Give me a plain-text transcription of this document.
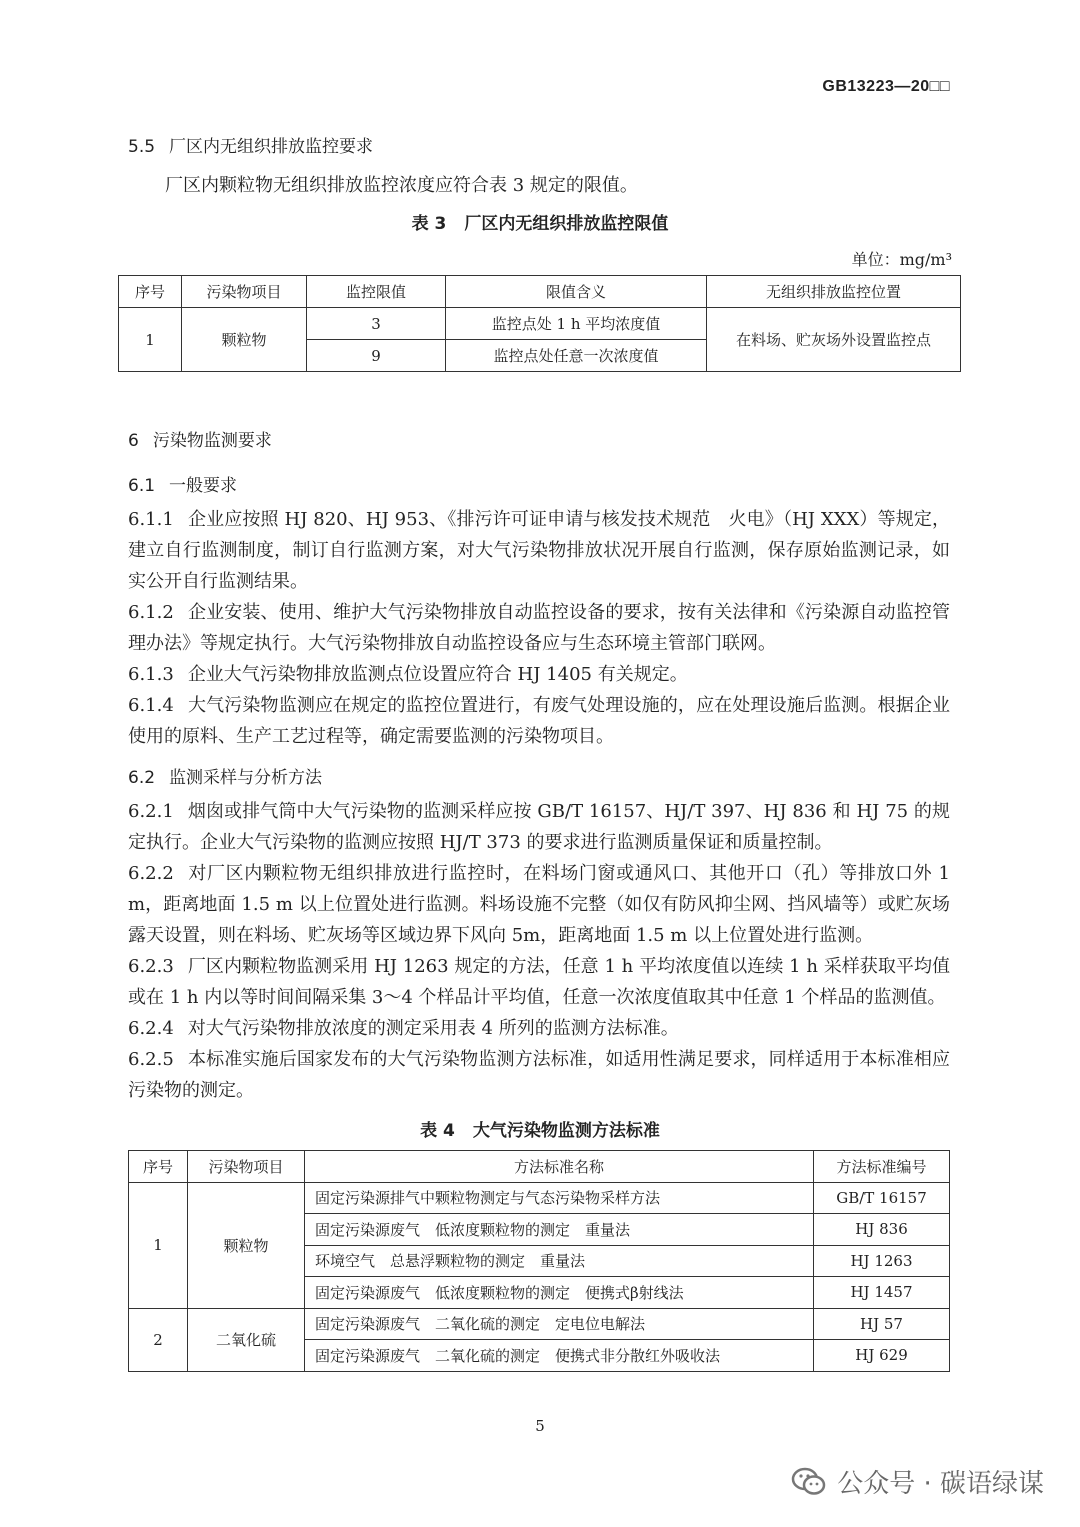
GB13223—20□□
5.5 厂区内无组织排放监控要求
厂区内颗粒物无组织排放监控浓度应符合表 3 规定的限值。
表 3 厂区内无组织排放监控限值
单位：mg/m³
序号	污染物项目	监控限值	限值含义	无组织排放监控位置
1	颗粒物	3	监控点处 1 h 平均浓度值	在料场、贮灰场外设置监控点
		9	监控点处任意一次浓度值	
6 污染物监测要求
6.1 一般要求
6.1.1 企业应按照 HJ 820、HJ 953、《排污许可证申请与核发技术规范　火电》（HJ XXX）等规定，建立自行监测制度，制订自行监测方案，对大气污染物排放状况开展自行监测，保存原始监测记录，如实公开自行监测结果。
6.1.2 企业安装、使用、维护大气污染物排放自动监控设备的要求，按有关法律和《污染源自动监控管理办法》等规定执行。大气污染物排放自动监控设备应与生态环境主管部门联网。
6.1.3 企业大气污染物排放监测点位设置应符合 HJ 1405 有关规定。
6.1.4 大气污染物监测应在规定的监控位置进行，有废气处理设施的，应在处理设施后监测。根据企业使用的原料、生产工艺过程等，确定需要监测的污染物项目。
6.2 监测采样与分析方法
6.2.1 烟囱或排气筒中大气污染物的监测采样应按 GB/T 16157、HJ/T 397、HJ 836 和 HJ 75 的规定执行。企业大气污染物的监测应按照 HJ/T 373 的要求进行监测质量保证和质量控制。
6.2.2 对厂区内颗粒物无组织排放进行监控时，在料场门窗或通风口、其他开口（孔）等排放口外 1 m，距离地面 1.5 m 以上位置处进行监测。料场设施不完整（如仅有防风抑尘网、挡风墙等）或贮灰场露天设置，则在料场、贮灰场等区域边界下风向 5m，距离地面 1.5 m 以上位置处进行监测。
6.2.3 厂区内颗粒物监测采用 HJ 1263 规定的方法，任意 1 h 平均浓度值以连续 1 h 采样获取平均值或在 1 h 内以等时间间隔采集 3～4 个样品计平均值，任意一次浓度值取其中任意 1 个样品的监测值。
6.2.4 对大气污染物排放浓度的测定采用表 4 所列的监测方法标准。
6.2.5 本标准实施后国家发布的大气污染物监测方法标准，如适用性满足要求，同样适用于本标准相应污染物的测定。
表 4 大气污染物监测方法标准
序号	污染物项目	方法标准名称	方法标准编号
1	颗粒物	固定污染源排气中颗粒物测定与气态污染物采样方法	GB/T 16157
		固定污染源废气　低浓度颗粒物的测定　重量法	HJ 836
		环境空气　总悬浮颗粒物的测定　重量法	HJ 1263
		固定污染源废气　低浓度颗粒物的测定　便携式β射线法	HJ 1457
2	二氧化硫	固定污染源废气　二氧化硫的测定　定电位电解法	HJ 57
		固定污染源废气　二氧化硫的测定　便携式非分散红外吸收法	HJ 629
5
公众号 · 碳语绿谋
